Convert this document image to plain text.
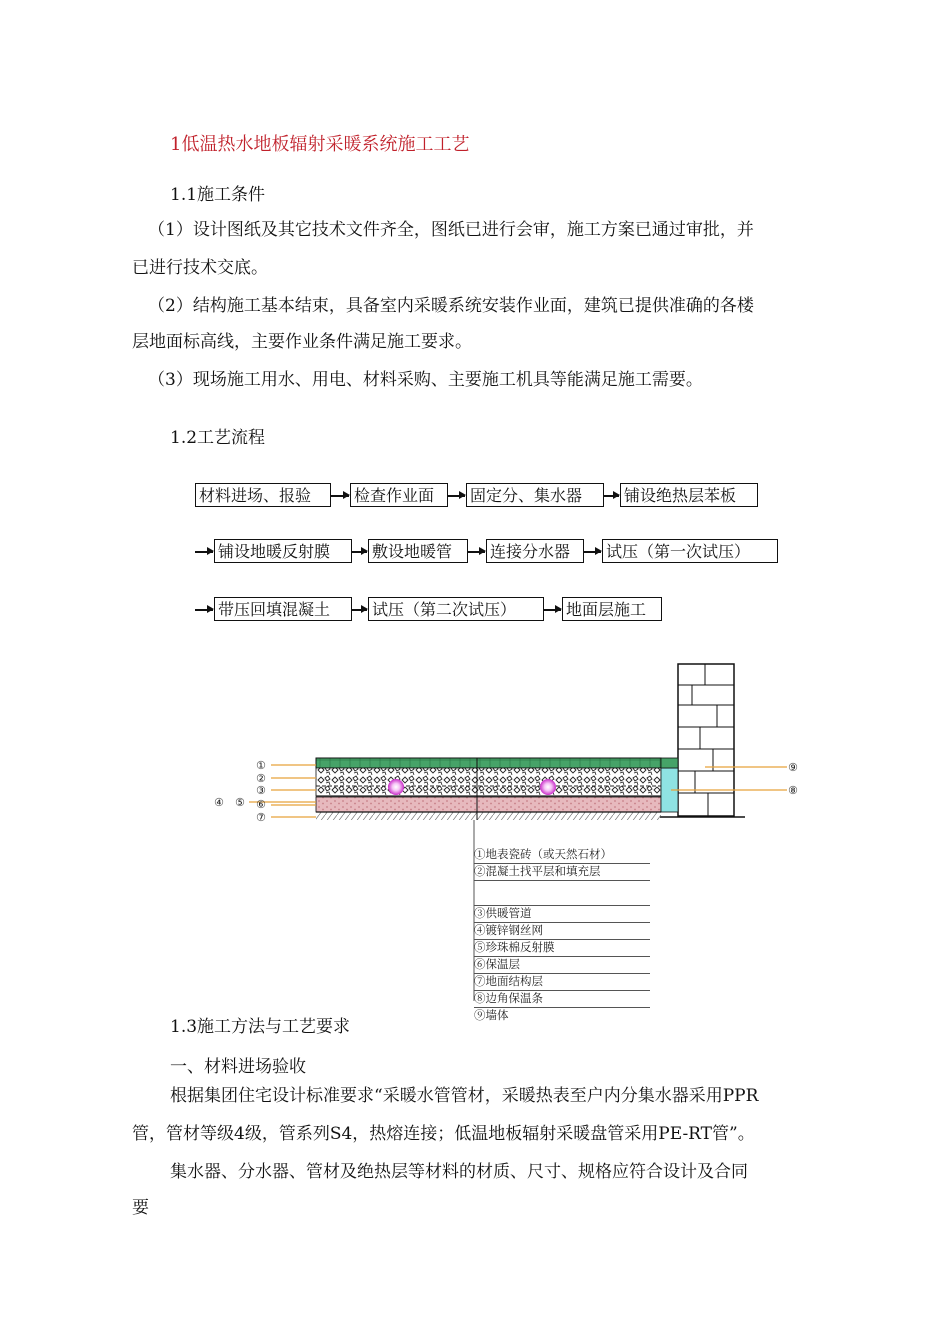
1低温热水地板辐射采暖系统施工工艺
1.1施工条件
（1）设计图纸及其它技术文件齐全，图纸已进行会审，施工方案已通过审批，并
已进行技术交底。
（2）结构施工基本结束，具备室内采暖系统安装作业面，建筑已提供准确的各楼
层地面标高线，主要作业条件满足施工要求。
（3）现场施工用水、用电、材料采购、主要施工机具等能满足施工需要。
1.2工艺流程
材料进场、报验	检查作业面	固定分、集水器	铺设绝热层苯板
铺设地暖反射膜	敷设地暖管	连接分水器	试压（第一次试压）
带压回填混凝土	试压（第二次试压）	地面层施工
①
②
③
④ ⑤ ⑥
⑦
⑨
⑧
①地表瓷砖（或天然石材）
②混凝土找平层和填充层
③供暖管道
④镀锌钢丝网
⑤珍珠棉反射膜
⑥保温层
⑦地面结构层
⑧边角保温条
⑨墙体
1.3施工方法与工艺要求
一、材料进场验收
根据集团住宅设计标准要求“采暖水管管材，采暖热表至户内分集水器采用PPR
管，管材等级4级，管系列S4，热熔连接；低温地板辐射采暖盘管采用PE-RT管”。
集水器、分水器、管材及绝热层等材料的材质、尺寸、规格应符合设计及合同
要
